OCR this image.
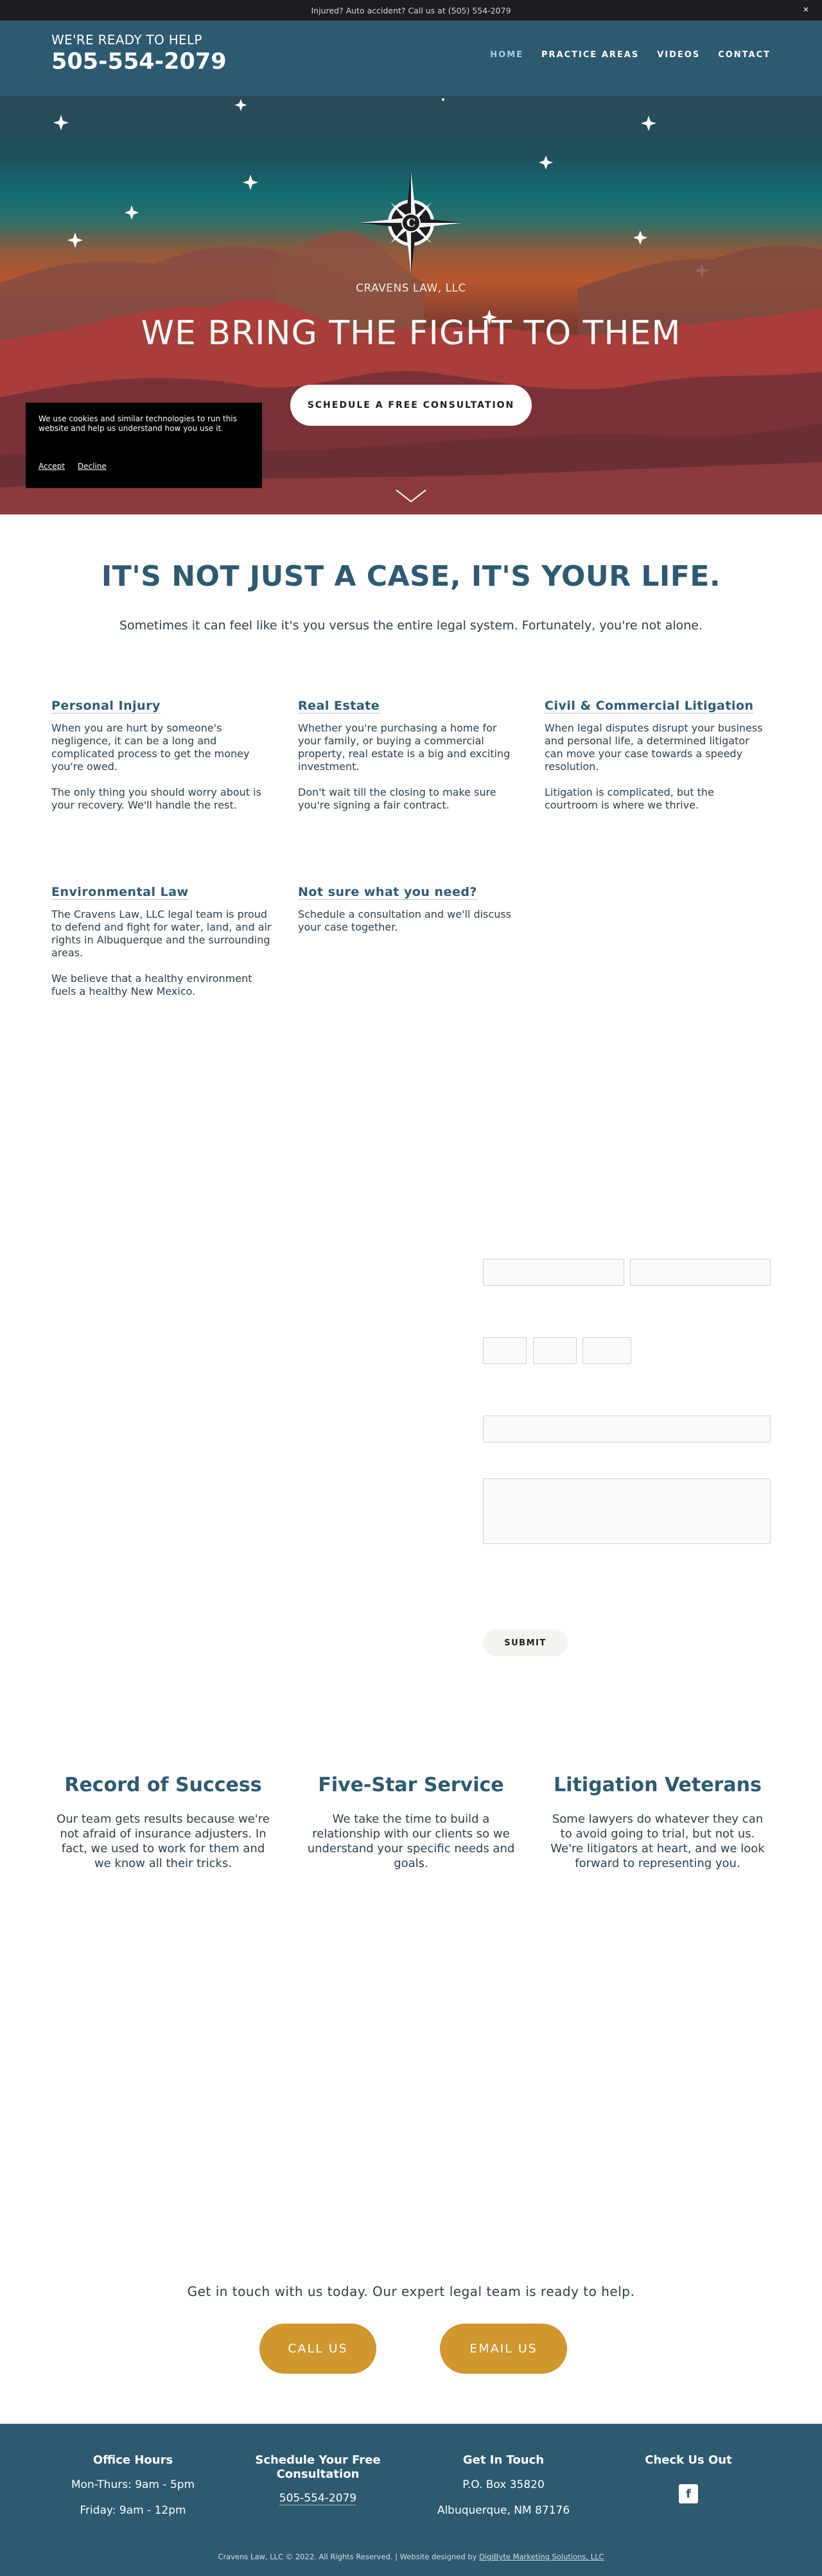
Injured? Auto accident? Call us at (505) 554-2079	✕
WE'RE READY TO HELP
505-554-2079	HOME PRACTICE AREAS VIDEOS CONTACT
C
CRAVENS LAW, LLC
WE BRING THE FIGHT TO THEM
SCHEDULE A FREE CONSULTATION
We use cookies and similar technologies to run this website and help us understand how you use it.
Accept Decline
IT'S NOT JUST A CASE, IT'S YOUR LIFE.

Sometimes it can feel like it's you versus the entire legal system. Fortunately, you're not alone.

Personal Injury

When you are hurt by someone's negligence, it can be a long and complicated process to get the money you're owed.

The only thing you should worry about is your recovery. We'll handle the rest.

Real Estate

Whether you're purchasing a home for your family, or buying a commercial property, real estate is a big and exciting investment.

Don't wait till the closing to make sure you're signing a fair contract.

Civil & Commercial Litigation

When legal disputes disrupt your business and personal life, a determined litigator can move your case towards a speedy resolution.

Litigation is complicated, but the courtroom is where we thrive.

Environmental Law

The Cravens Law, LLC legal team is proud to defend and fight for water, land, and air rights in Albuquerque and the surrounding areas.

We believe that a healthy environment fuels a healthy New Mexico.

Not sure what you need?

Schedule a consultation and we'll discuss your case together.

SUBMIT
Record of Success

Our team gets results because we're not afraid of insurance adjusters. In fact, we used to work for them and we know all their tricks.

Five-Star Service

We take the time to build a relationship with our clients so we understand your specific needs and goals.

Litigation Veterans

Some lawyers do whatever they can to avoid going to trial, but not us. We're litigators at heart, and we look forward to representing you.

Get in touch with us today. Our expert legal team is ready to help.
CALL US	EMAIL US
Office Hours

Mon-Thurs: 9am - 5pm

Friday: 9am - 12pm

Schedule Your Free Consultation
505-554-2079
Get In Touch

P.O. Box 35820

Albuquerque, NM 87176

Check Us Out
f
Cravens Law, LLC © 2022. All Rights Reserved. | Website designed by DigiByte Marketing Solutions, LLC
